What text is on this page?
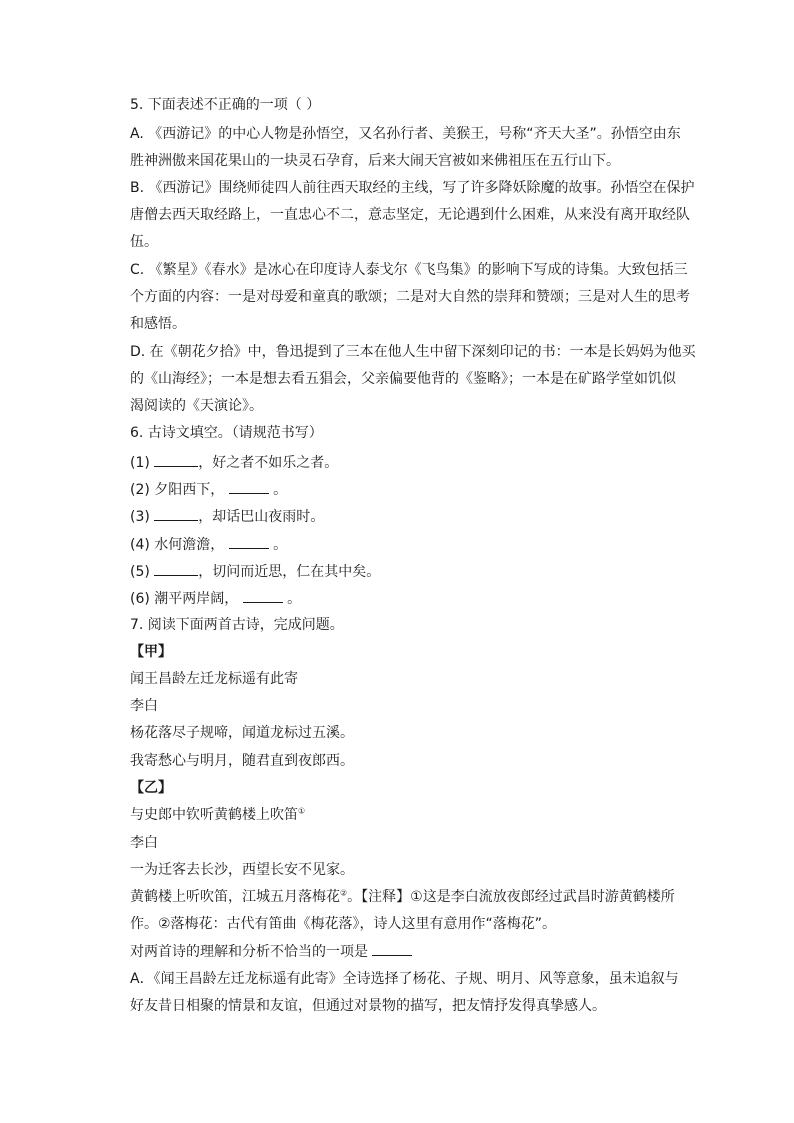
5. 下面表述不正确的一项（ ）
A. 《西游记》的中心人物是孙悟空，又名孙行者、美猴王，号称“齐天大圣”。孙悟空由东
胜神洲傲来国花果山的一块灵石孕育，后来大闹天宫被如来佛祖压在五行山下。
B. 《西游记》围绕师徒四人前往西天取经的主线，写了许多降妖除魔的故事。孙悟空在保护
唐僧去西天取经路上，一直忠心不二，意志坚定，无论遇到什么困难，从来没有离开取经队
伍。
C. 《繁星》《春水》是冰心在印度诗人泰戈尔《飞鸟集》的影响下写成的诗集。大致包括三
个方面的内容：一是对母爱和童真的歌颂；二是对大自然的崇拜和赞颂；三是对人生的思考
和感悟。
D. 在《朝花夕拾》中，鲁迅提到了三本在他人生中留下深刻印记的书：一本是长妈妈为他买
的《山海经》；一本是想去看五猖会，父亲偏要他背的《鉴略》；一本是在矿路学堂如饥似
渴阅读的《天演论》。
6. 古诗文填空。（请规范书写）
(1)	，好之者不如乐之者。
(2) 夕阳西下，	。
(3)	，却话巴山夜雨时。
(4) 水何澹澹，	。
(5)	，切问而近思，仁在其中矣。
(6) 潮平两岸阔，	。
7. 阅读下面两首古诗，完成问题。
【甲】
闻王昌龄左迁龙标遥有此寄
李白
杨花落尽子规啼，闻道龙标过五溪。
我寄愁心与明月，随君直到夜郎西。
【乙】
与史郎中钦听黄鹤楼上吹笛①
李白
一为迁客去长沙，西望长安不见家。
黄鹤楼上听吹笛，江城五月落梅花②。【注释】①这是李白流放夜郎经过武昌时游黄鹤楼所
作。②落梅花：古代有笛曲《梅花落》，诗人这里有意用作“落梅花”。
对两首诗的理解和分析不恰当的一项是
A．《闻王昌龄左迁龙标遥有此寄》全诗选择了杨花、子规、明月、风等意象，虽未追叙与
好友昔日相聚的情景和友谊，但通过对景物的描写，把友情抒发得真挚感人。
